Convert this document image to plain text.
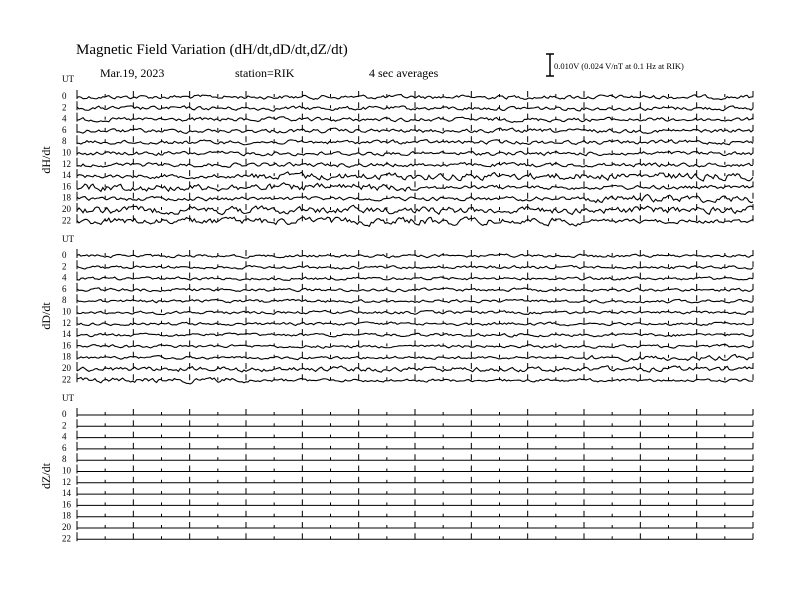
Magnetic Field Variation (dH/dt,dD/dt,dZ/dt)
Mar.19, 2023	station=RIK	4 sec averages	0.010V (0.024 V/nT at 0.1 Hz at RIK)
UT
dH/dt
0
2
4
6
8
10
12
14
16
18
20
22
UT
dD/dt
0
2
4
6
8
10
12
14
16
18
20
22
UT
dZ/dt
0
2
4
6
8
10
12
14
16
18
20
22
